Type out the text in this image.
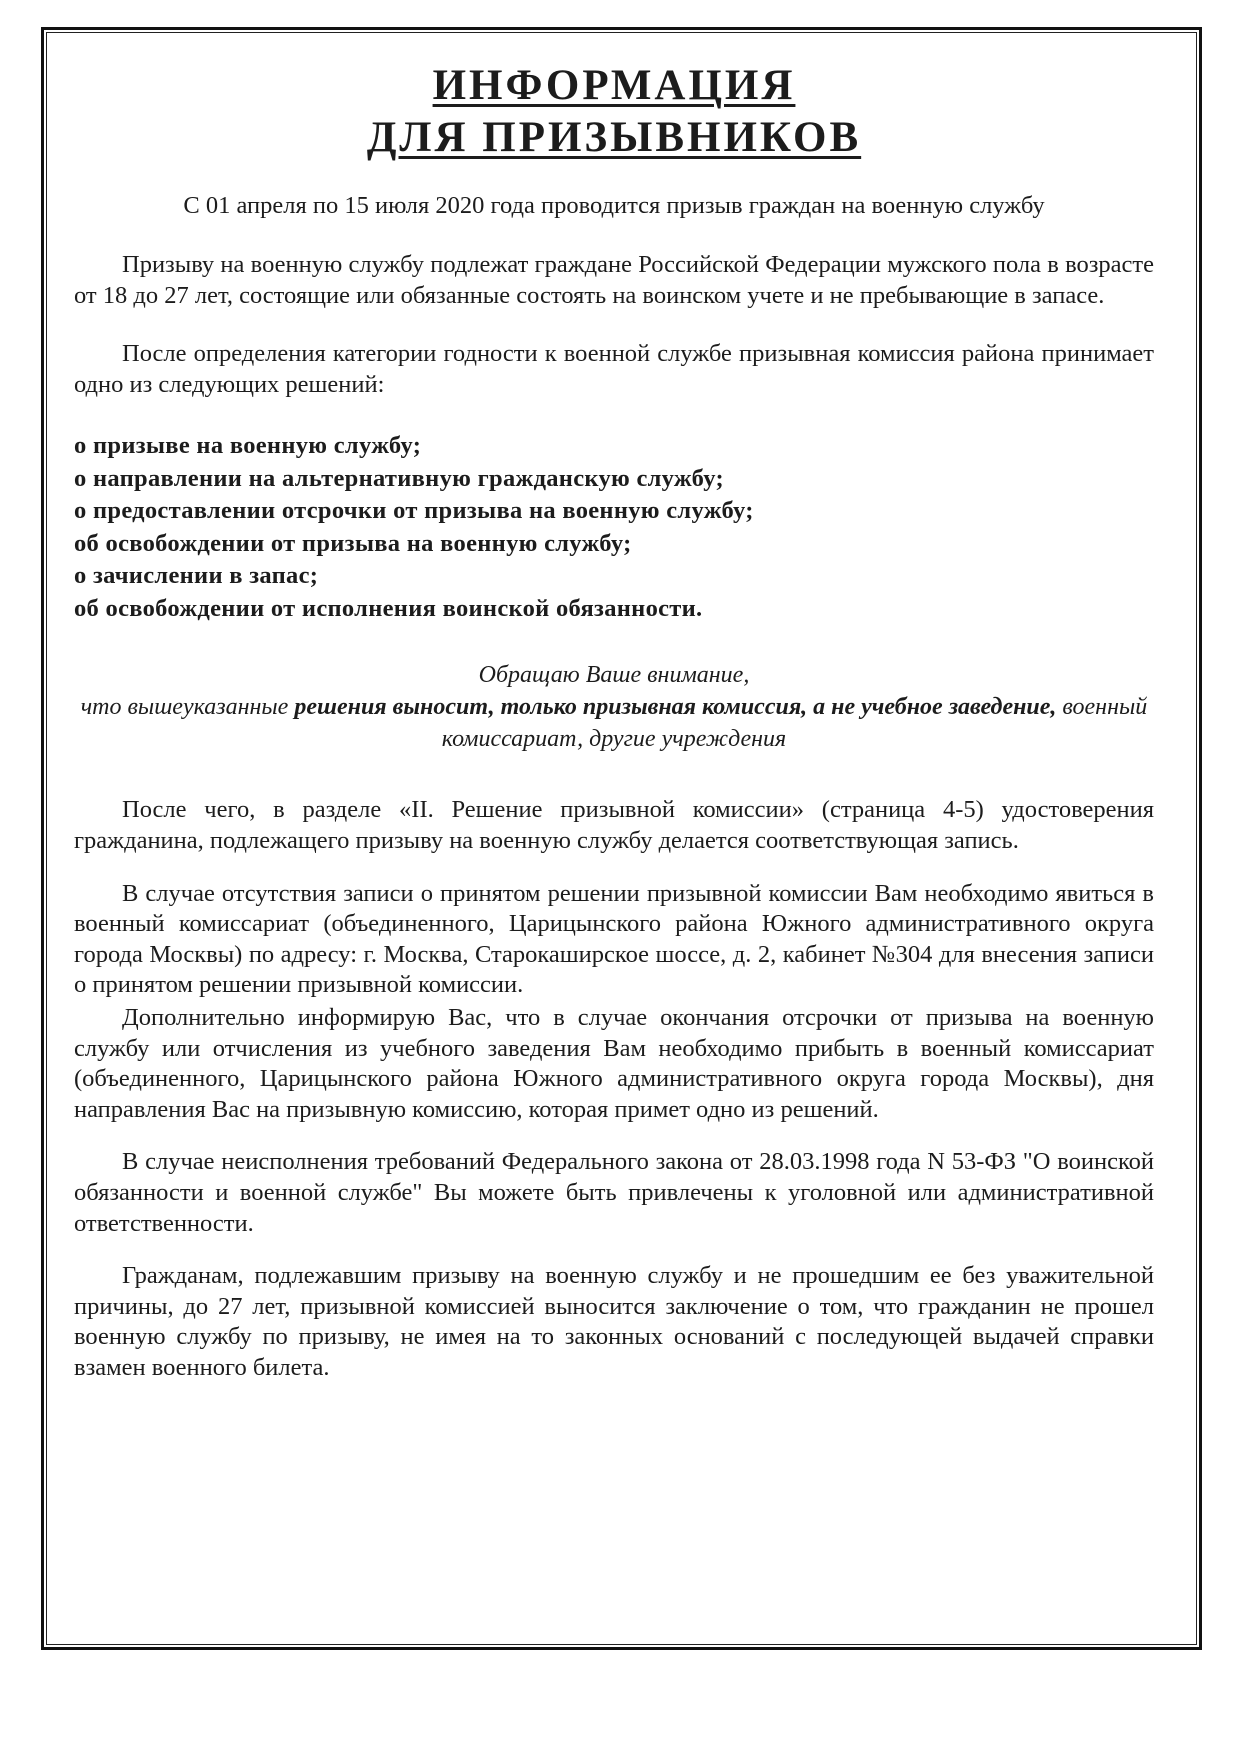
ИНФОРМАЦИЯ
ДЛЯ ПРИЗЫВНИКОВ

С 01 апреля по 15 июля 2020 года проводится призыв граждан на военную службу

Призыву на военную службу подлежат граждане Российской Федерации мужского пола в возрасте от 18 до 27 лет, состоящие или обязанные состоять на воинском учете и не пребывающие в запасе.

После определения категории годности к военной службе призывная комиссия района принимает одно из следующих решений:

о призыве на военную службу;
о направлении на альтернативную гражданскую службу;
о предоставлении отсрочки от призыва на военную службу;
об освобождении от призыва на военную службу;
о зачислении в запас;
об освобождении от исполнения воинской обязанности.

Обращаю Ваше внимание,
что вышеуказанные решения выносит, только призывная комиссия, а не учебное заведение, военный комиссариат, другие учреждения

После чего, в разделе «II. Решение призывной комиссии» (страница 4-5) удостоверения гражданина, подлежащего призыву на военную службу делается соответствующая запись.

В случае отсутствия записи о принятом решении призывной комиссии Вам необходимо явиться в военный комиссариат (объединенного, Царицынского района Южного административного округа города Москвы) по адресу: г. Москва, Старокаширское шоссе, д. 2, кабинет №304 для внесения записи о принятом решении призывной комиссии.

Дополнительно информирую Вас, что в случае окончания отсрочки от призыва на военную службу или отчисления из учебного заведения Вам необходимо прибыть в военный комиссариат (объединенного, Царицынского района Южного административного округа города Москвы), дня направления Вас на призывную комиссию, которая примет одно из решений.

В случае неисполнения требований Федерального закона от 28.03.1998 года N 53-ФЗ "О воинской обязанности и военной службе" Вы можете быть привлечены к уголовной или административной ответственности.

Гражданам, подлежавшим призыву на военную службу и не прошедшим ее без уважительной причины, до 27 лет, призывной комиссией выносится заключение о том, что гражданин не прошел военную службу по призыву, не имея на то законных оснований с последующей выдачей справки взамен военного билета.
